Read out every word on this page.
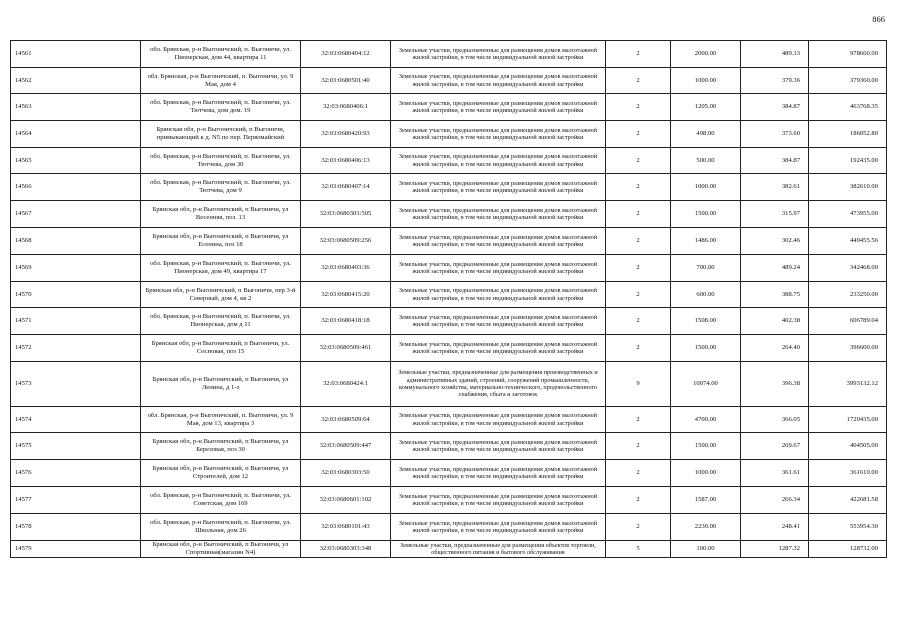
866
14561	обл. Брянская, р-н Выгоничский, п. Выгоничи, ул. Пионерская, дом 44, квартира 11	32:03:0680404:12	Земельные участки, предназначенные для размещения домов малоэтажной жилой застройки, в том числе индивидуальной жилой застройки	2	2000.00	489.33	978660.00
14562	обл. Брянская, р-н Выгоничский, п. Выгоничи, ул. 9 Мая, дом 4	32:03:0680501:40	Земельные участки, предназначенные для размещения домов малоэтажной жилой застройки, в том числе индивидуальной жилой застройки	2	1000.00	379.36	379360.00
14563	обл. Брянская, р-н Выгоничский, п. Выгоничи, ул. Тютчева, дом дом. 19	32:03:0680406:1	Земельные участки, предназначенные для размещения домов малоэтажной жилой застройки, в том числе индивидуальной жилой застройки	2	1205.00	384.87	463768.35
14564	Брянская обл, р-н Выгоничский, п Выгоничи, примыкающий к д. N5 по пер. Первомайский	32:03:0680420:93	Земельные участки, предназначенные для размещения домов малоэтажной жилой застройки, в том числе индивидуальной жилой застройки	2	498.00	373.60	186052.80
14565	обл. Брянская, р-н Выгоничский, п. Выгоничи, ул. Тютчева, дом 30	32:03:0680406:13	Земельные участки, предназначенные для размещения домов малоэтажной жилой застройки, в том числе индивидуальной жилой застройки	2	500.00	384.87	192435.00
14566	обл. Брянская, р-н Выгоничский, п. Выгоничи, ул. Тютчева, дом 9	32:03:0680407:14	Земельные участки, предназначенные для размещения домов малоэтажной жилой застройки, в том числе индивидуальной жилой застройки	2	1000.00	382.61	382610.00
14567	Брянская обл, р-н Выгоничский, п Выгоничи, ул Весенняя, поз. 13	32:03:0680303:505	Земельные участки, предназначенные для размещения домов малоэтажной жилой застройки, в том числе индивидуальной жилой застройки	2	1500.00	315.97	473955.00
14568	Брянская обл, р-н Выгоничский, п Выгоничи, ул Есенина, поз 18	32:03:0680509:256	Земельные участки, предназначенные для размещения домов малоэтажной жилой застройки, в том числе индивидуальной жилой застройки	2	1486.00	302.46	449455.56
14569	обл. Брянская, р-н Выгоничский, п. Выгоничи, ул. Пионерская, дом 49, квартира 17	32:03:0680403:36	Земельные участки, предназначенные для размещения домов малоэтажной жилой застройки, в том числе индивидуальной жилой застройки	2	700.00	489.24	342468.00
14570	Брянская обл, р-н Выгоничский, п Выгоничи, пер 3-й Северный, дом 4, кв 2	32:03:0680415:20	Земельные участки, предназначенные для размещения домов малоэтажной жилой застройки, в том числе индивидуальной жилой застройки	2	600.00	388.75	233250.00
14571	обл. Брянская, р-н Выгоничский, п. Выгоничи, ул. Пионерская, дом д 11	32:03:0680418:18	Земельные участки, предназначенные для размещения домов малоэтажной жилой застройки, в том числе индивидуальной жилой застройки	2	1508.00	402.38	606789.04
14572	Брянская обл, р-н Выгоничский, п Выгоничи, ул. Сосновая, поз 15	32:03:0680509:461	Земельные участки, предназначенные для размещения домов малоэтажной жилой застройки, в том числе индивидуальной жилой застройки	2	1500.00	264.40	396600.00
14573	Брянская обл, р-н Выгоничский, п Выгоничи, ул Ленина, д 1-з	32:03:0680424:1	Земельные участки, предназначенные для размещения производственных и административных зданий, строений, сооружений промышленности, коммунального хозяйства, материально-технического, продовольственного снабжения, сбыта и заготовок	9	10074.00	396.38	3993132.12
14574	обл. Брянская, р-н Выгоничский, п. Выгоничи, ул. 9 Мая, дом 13, квартира 3	32:03:0680509:64	Земельные участки, предназначенные для размещения домов малоэтажной жилой застройки, в том числе индивидуальной жилой застройки	2	4700.00	366.05	1720435.00
14575	Брянская обл, р-н Выгоничский, п Выгоничи, ул Березовая, поз 30	32:03:0680509:447	Земельные участки, предназначенные для размещения домов малоэтажной жилой застройки, в том числе индивидуальной жилой застройки	2	1500.00	269.67	404505.00
14576	Брянская обл, р-н Выгоничский, п Выгоничи, ул Строителей, дом 12	32:03:0680303:50	Земельные участки, предназначенные для размещения домов малоэтажной жилой застройки, в том числе индивидуальной жилой застройки	2	1000.00	361.61	361610.00
14577	обл. Брянская, р-н Выгоничский, п. Выгоничи, ул. Советская, дом 169	32:03:0680601:102	Земельные участки, предназначенные для размещения домов малоэтажной жилой застройки, в том числе индивидуальной жилой застройки	2	1587.00	266.34	422681.58
14578	обл. Брянская, р-н Выгоничский, п. Выгоничи, ул. Школьная, дом 26	32:03:0680101:43	Земельные участки, предназначенные для размещения домов малоэтажной жилой застройки, в том числе индивидуальной жилой застройки	2	2230.00	248.41	553954.30
14579	Брянская обл, р-н Выгоничский, п Выгоничи, ул Спортивная(магазин N4)	32:03:0680303:348	Земельные участки, предназначенные для размещения объектов торговли, общественного питания и бытового обслуживания	5	100.00	1287.32	128732.00
